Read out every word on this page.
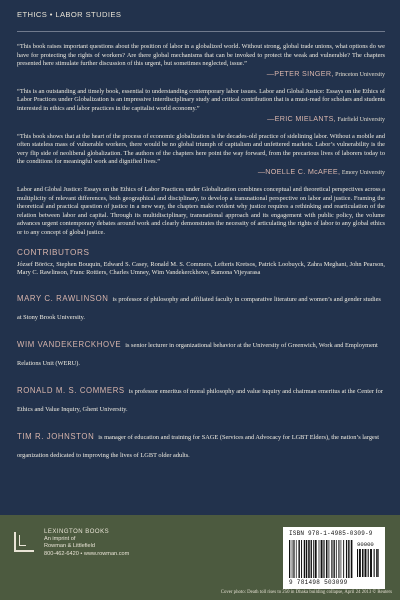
ETHICS • LABOR STUDIES

“This book raises important questions about the position of labor in a globalized world. Without strong, global trade unions, what options do we have for protecting the rights of workers? Are there global mechanisms that can be invoked to protect the weak and vulnerable? The chapters presented here stimulate further discussion of this urgent, but sometimes neglected, issue.”

—PETER SINGER, Princeton University

“This is an outstanding and timely book, essential to understanding contemporary labor issues. Labor and Global Justice: Essays on the Ethics of Labor Practices under Globalization is an impressive interdisciplinary study and critical contribution that is a must-read for scholars and students interested in ethics and labor practices in the capitalist world economy.”

—ERIC MIELANTS, Fairfield University

“This book shows that at the heart of the process of economic globalization is the decades-old practice of sidelining labor. Without a mobile and often stateless mass of vulnerable workers, there would be no global triumph of capitalism and unfettered markets. Labor’s vulnerability is the very flip side of neoliberal globalization. The authors of the chapters here point the way forward, from the precarious lives of laborers today to the conditions for meaningful work and dignified lives.”

—NOELLE C. McAFEE, Emory University

Labor and Global Justice: Essays on the Ethics of Labor Practices under Globalization combines conceptual and theoretical perspectives across a multiplicity of relevant differences, both geographical and disciplinary, to develop a transnational perspective on labor and justice. Framing the theoretical and practical question of justice in a new way, the chapters make evident why justice requires a rethinking and rearticulation of the relation between labor and capital. Through its multidisciplinary, transnational approach and its engagement with public policy, the volume advances urgent contemporary debates around work and clearly demonstrates the necessity of articulating the rights of labor to any global ethics or to any concept of global justice.

CONTRIBUTORS

József Böröcz, Stephen Bouquin, Edward S. Casey, Ronald M. S. Commers, Lefteris Kretsos, Patrick Loobuyck, Zahra Meghani, John Pearson, Mary C. Rawlinson, Franc Rottiers, Charles Umney, Wim Vandekerckhove, Ramona Vijeyarasa

MARY C. RAWLINSON is professor of philosophy and affiliated faculty in comparative literature and women’s and gender studies at Stony Brook University.
WIM VANDEKERCKHOVE is senior lecturer in organizational behavior at the University of Greenwich, Work and Employment Relations Unit (WERU).
RONALD M. S. COMMERS is professor emeritus of moral philosophy and value inquiry and chairman emeritus at the Center for Ethics and Value Inquiry, Ghent University.
TIM R. JOHNSTON is manager of education and training for SAGE (Services and Advocacy for LGBT Elders), the nation’s largest organization dedicated to improving the lives of LGBT older adults.
LEXINGTON BOOKS
An imprint of
Rowman & Littlefield
800-462-6420 • www.rowman.com
ISBN 978-1-4985-0309-9
90000
9 781498 503099
Cover photo: Death toll rises to 250 in Dhaka building collapse, April 24 2013 © Reuters
